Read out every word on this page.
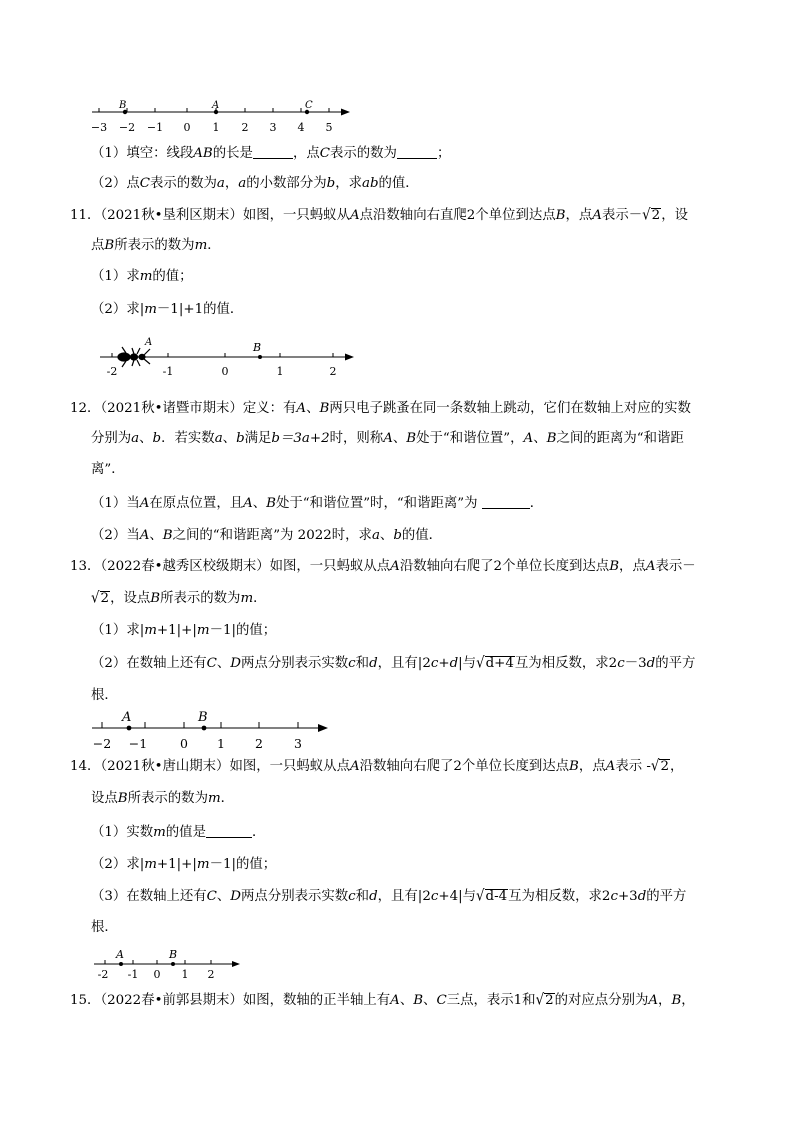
B	A	C
−3 −2 −1 0 1 2 3 4 5
（1）填空：线段AB的长是	，点C表示的数为	；
（2）点C表示的数为a，a的小数部分为b，求ab的值．
11．（2021秋•垦利区期末）如图，一只蚂蚁从A点沿数轴向右直爬2个单位到达点B，点A表示－√2，设
点B所表示的数为m．
（1）求m的值；
（2）求|m－1|+1的值．
B
A
-2	-1	0	1	2
12．（2021秋•诸暨市期末）定义：有A、B两只电子跳蚤在同一条数轴上跳动，它们在数轴上对应的实数
分别为a、b．若实数a、b满足b＝3a+2时，则称A、B处于“和谐位置”，A、B之间的距离为“和谐距
离”．
（1）当A在原点位置，且A、B处于“和谐位置”时，“和谐距离”为	．
（2）当A、B之间的“和谐距离”为 2022时，求a、b的值．
13．（2022春•越秀区校级期末）如图，一只蚂蚁从点A沿数轴向右爬了2个单位长度到达点B，点A表示－
√2，设点B所表示的数为m．
（1）求|m+1|+|m－1|的值；
（2）在数轴上还有C、D两点分别表示实数c和d，且有|2c+d|与√d+4互为相反数，求2c－3d的平方
根．
A	B
−2 −1	0 1 2 3
14．（2021秋•唐山期末）如图，一只蚂蚁从点A沿数轴向右爬了2个单位长度到达点B，点A表示 -√2，
设点B所表示的数为m．
（1）实数m的值是	．
（2）求|m+1|+|m－1|的值；
（3）在数轴上还有C、D两点分别表示实数c和d，且有|2c+4|与√d-4互为相反数，求2c+3d的平方
根．
A	B
-2 -1 0 1 2
15．（2022春•前郭县期末）如图，数轴的正半轴上有A、B、C三点，表示1和√2的对应点分别为A，B，
